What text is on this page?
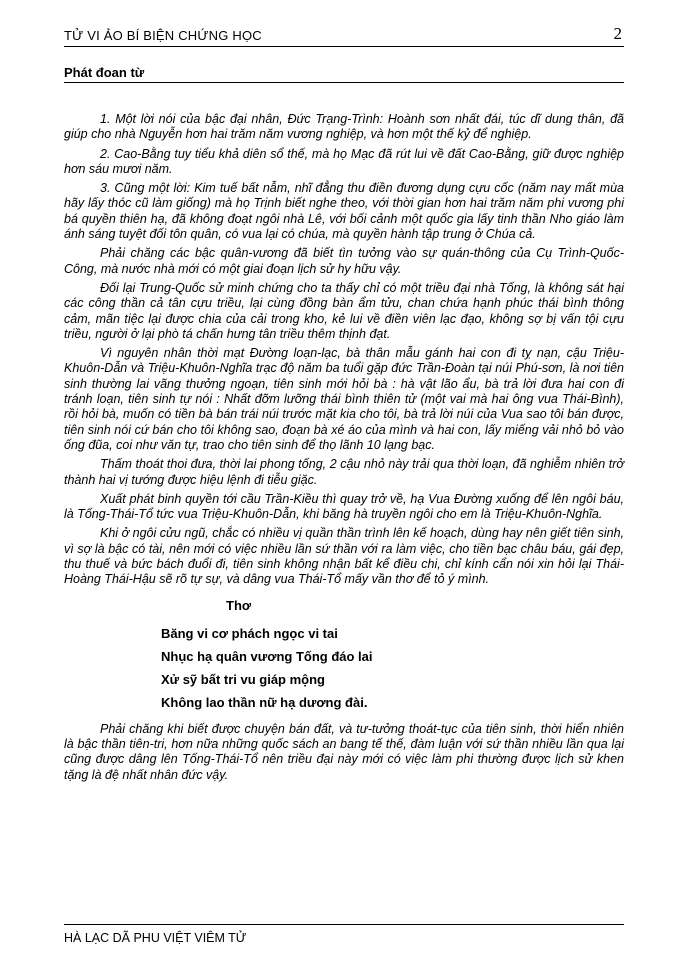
TỬ VI ẢO BÍ BIỆN CHỨNG HỌC	2
Phát đoan từ

1. Một lời nói của bậc đại nhân, Đức Trạng-Trình: Hoành sơn nhất đái, túc dĩ dung thân, đã giúp cho nhà Nguyễn hơn hai trăm năm vương nghiệp, và hơn một thế kỷ để nghiệp.

2. Cao-Bằng tuy tiểu khả diên sổ thế, mà họ Mạc đã rút lui về đất Cao-Bằng, giữ được nghiệp hơn sáu mươi năm.

3. Cũng một lời: Kim tuế bất nẫm, nhĩ đẳng thu điền đương dụng cựu cốc (năm nay mất mùa hãy lấy thóc cũ làm giống) mà họ Trịnh biết nghe theo, với thời gian hơn hai trăm năm phi vương phi bá quyền thiên hạ, đã không đoạt ngôi nhà Lê, với bối cảnh một quốc gia lấy tinh thần Nho giáo làm ánh sáng tuyệt đối tôn quân, có vua lại có chúa, mà quyền hành tập trung ở Chúa cả.

Phải chăng các bậc quân-vương đã biết tìn tưởng vào sự quán-thông của Cụ Trình-Quốc-Công, mà nước nhà mới có một giai đoạn lịch sử hy hữu vậy.

Đối lại Trung-Quốc sử minh chứng cho ta thấy chỉ có một triều đại nhà Tống, là không sát hại các công thần cả tân cựu triều, lại cùng đồng bàn ẩm tửu, chan chứa hạnh phúc thái bình thông cảm, mãn tiệc lại được chia của cải trong kho, kẻ lui về điền viên lạc đạo, không sợ bị vấn tội cựu triều, người ở lại phò tá chấn hưng tân triều thêm thịnh đạt.

Vì nguyên nhân thời mạt Đường loạn-lạc, bà thân mẫu gánh hai con đi tỵ nạn, cậu Triệu-Khuôn-Dẫn và Triệu-Khuôn-Nghĩa trạc độ năm ba tuổi gặp đức Trần-Đoàn tại núi Phú-sơn, là nơi tiên sinh thường lai vãng thưởng ngoạn, tiên sinh mới hỏi bà : hà vật lão ẩu, bà trả lời đưa hai con đi tránh loạn, tiên sinh tự nói : Nhất đỡm lưỡng thái bình thiên tử (một vai mà hai ông vua Thái-Bình), rồi hỏi bà, muốn có tiền bà bán trái núi trước mặt kia cho tôi, bà trả lời núi của Vua sao tôi bán được, tiên sinh nói cứ bán cho tôi không sao, đoạn bà xé áo của mình và hai con, lấy miếng vải nhỏ bỏ vào ống đũa, coi như văn tự, trao cho tiên sinh để thọ lãnh 10 lạng bạc.

Thấm thoát thoi đưa, thời lai phong tống, 2 cậu nhỏ này trải qua thời loạn, đã nghiễm nhiên trở thành hai vị tướng được hiệu lệnh đi tiễu giặc.

Xuất phát binh quyền tới cầu Trần-Kiều thì quay trở về, hạ Vua Đường xuống để lên ngôi báu, là Tống-Thái-Tổ tức vua Triệu-Khuôn-Dẫn, khi băng hà truyền ngôi cho em là Triệu-Khuôn-Nghĩa.

Khi ở ngôi cửu ngũ, chắc có nhiều vị quần thần trình lên kế hoạch, dùng hay nên giết tiên sinh, vì sợ là bậc có tài, nên mới có việc nhiều lần sứ thần với ra làm việc, cho tiền bạc châu báu, gái đẹp, thu thuế và bức bách đuổi đi, tiên sinh không nhận bất kể điều chi, chỉ kính cẩn nói xin hỏi lại Thái-Hoàng Thái-Hậu sẽ rõ tự sự, và dâng vua Thái-Tổ mấy vần thơ để tỏ ý mình.

Thơ
Băng vi cơ phách ngọc vi tai
Nhục hạ quân vương Tống đáo lai
Xử sỹ bất tri vu giáp mộng
Không lao thần nữ hạ dương đài.

Phải chăng khi biết được chuyện bán đất, và tư-tưởng thoát-tục của tiên sinh, thời hiển nhiên là bậc thần tiên-tri, hơn nữa những quốc sách an bang tế thế, đàm luận với sứ thần nhiều lần qua lại cũng được dâng lên Tống-Thái-Tổ nên triều đại này mới có việc làm phi thường được lịch sử khen tặng là đệ nhất nhân đức vậy.

HÀ LẠC DÃ PHU VIỆT VIÊM TỬ
